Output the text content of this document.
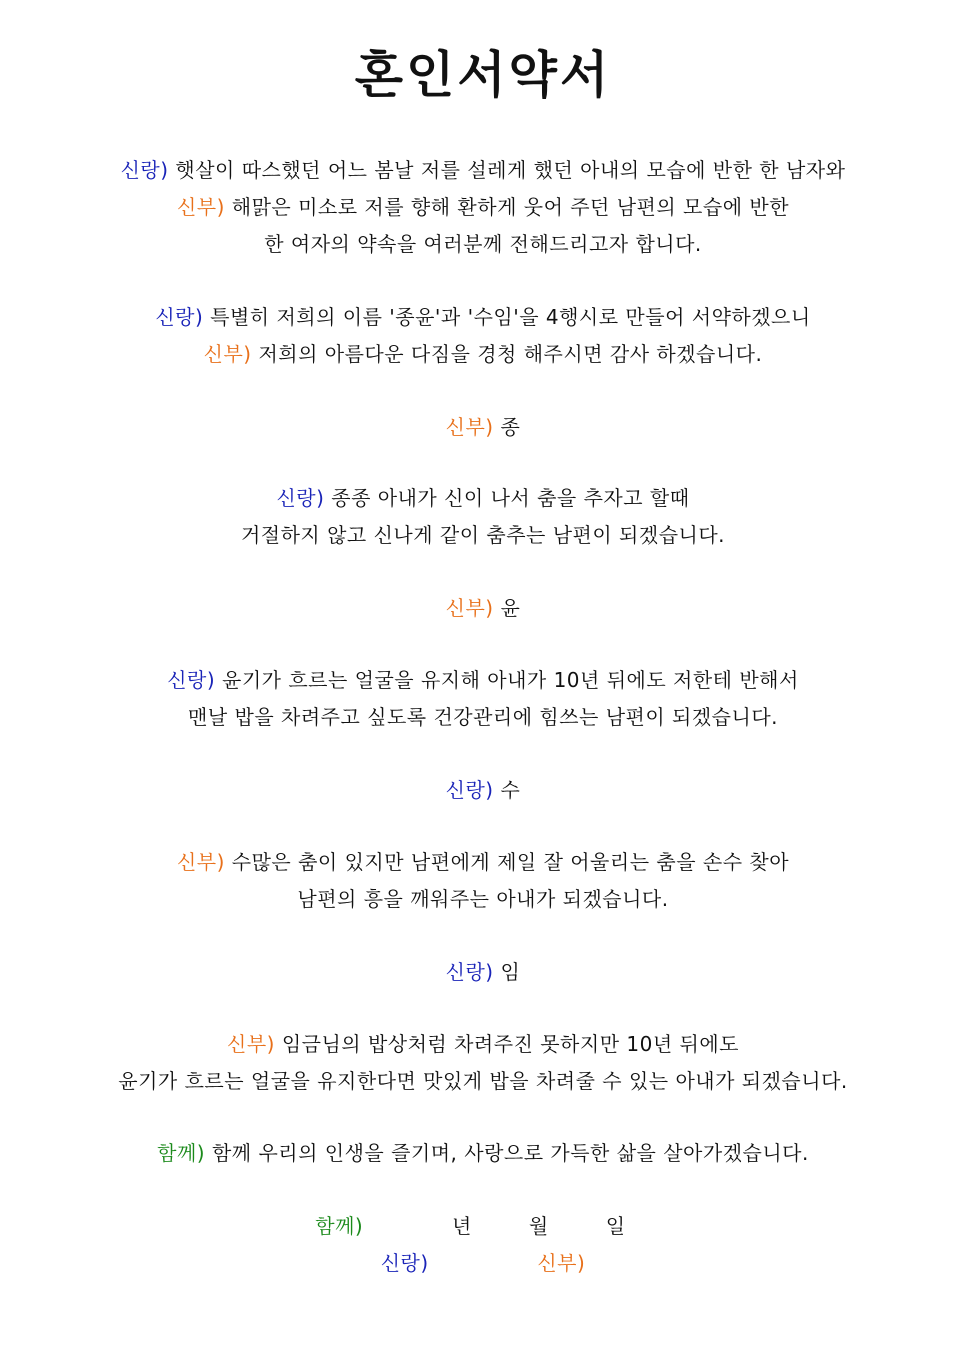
혼인서약서
신랑) 햇살이 따스했던 어느 봄날 저를 설레게 했던 아내의 모습에 반한 한 남자와
신부) 해맑은 미소로 저를 향해 환하게 웃어 주던 남편의 모습에 반한
한 여자의 약속을 여러분께 전해드리고자 합니다.
신랑) 특별히 저희의 이름 '종윤'과 '수임'을 4행시로 만들어 서약하겠으니
신부) 저희의 아름다운 다짐을 경청 해주시면 감사 하겠습니다.
신부) 종
신랑) 종종 아내가 신이 나서 춤을 추자고 할때
거절하지 않고 신나게 같이 춤추는 남편이 되겠습니다.
신부) 윤
신랑) 윤기가 흐르는 얼굴을 유지해 아내가 10년 뒤에도 저한테 반해서
맨날 밥을 차려주고 싶도록 건강관리에 힘쓰는 남편이 되겠습니다.
신랑) 수
신부) 수많은 춤이 있지만 남편에게 제일 잘 어울리는 춤을 손수 찾아
남편의 흥을 깨워주는 아내가 되겠습니다.
신랑) 임
신부) 임금님의 밥상처럼 차려주진 못하지만 10년 뒤에도
윤기가 흐르는 얼굴을 유지한다면 맛있게 밥을 차려줄 수 있는 아내가 되겠습니다.
함께) 함께 우리의 인생을 즐기며, 사랑으로 가득한 삶을 살아가겠습니다.
함께)	년	월	일
신랑)	신부)
